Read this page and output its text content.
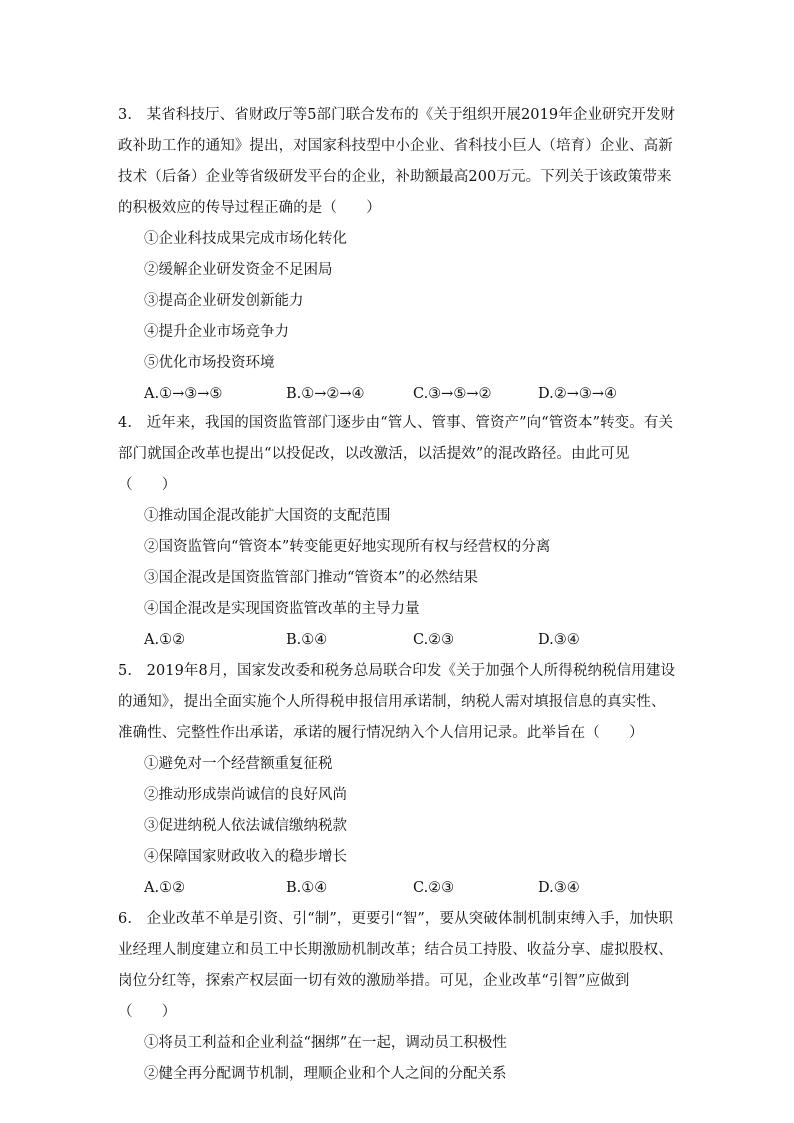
3.　某省科技厅、省财政厅等5部门联合发布的《关于组织开展2019年企业研究开发财政补助工作的通知》提出，对国家科技型中小企业、省科技小巨人（培育）企业、高新技术（后备）企业等省级研发平台的企业，补助额最高200万元。下列关于该政策带来的积极效应的传导过程正确的是（　　）

①企业科技成果完成市场化转化

②缓解企业研发资金不足困局

③提高企业研发创新能力

④提升企业市场竞争力

⑤优化市场投资环境

A.①→③→⑤	B.①→②→④	C.③→⑤→②	D.②→③→④

4.　近年来，我国的国资监管部门逐步由“管人、管事、管资产”向“管资本”转变。有关部门就国企改革也提出“以投促改，以改激活，以活提效”的混改路径。由此可见（　　）

①推动国企混改能扩大国资的支配范围

②国资监管向“管资本”转变能更好地实现所有权与经营权的分离

③国企混改是国资监管部门推动“管资本”的必然结果

④国企混改是实现国资监管改革的主导力量

A.①②	B.①④	C.②③	D.③④

5.　2019年8月，国家发改委和税务总局联合印发《关于加强个人所得税纳税信用建设的通知》，提出全面实施个人所得税申报信用承诺制，纳税人需对填报信息的真实性、准确性、完整性作出承诺，承诺的履行情况纳入个人信用记录。此举旨在（　　）

①避免对一个经营额重复征税

②推动形成崇尚诚信的良好风尚

③促进纳税人依法诚信缴纳税款

④保障国家财政收入的稳步增长

A.①②	B.①④	C.②③	D.③④

6.　企业改革不单是引资、引“制”，更要引“智”，要从突破体制机制束缚入手，加快职业经理人制度建立和员工中长期激励机制改革；结合员工持股、收益分享、虚拟股权、岗位分红等，探索产权层面一切有效的激励举措。可见，企业改革“引智”应做到（　　）

①将员工利益和企业利益“捆绑”在一起，调动员工积极性

②健全再分配调节机制，理顺企业和个人之间的分配关系
